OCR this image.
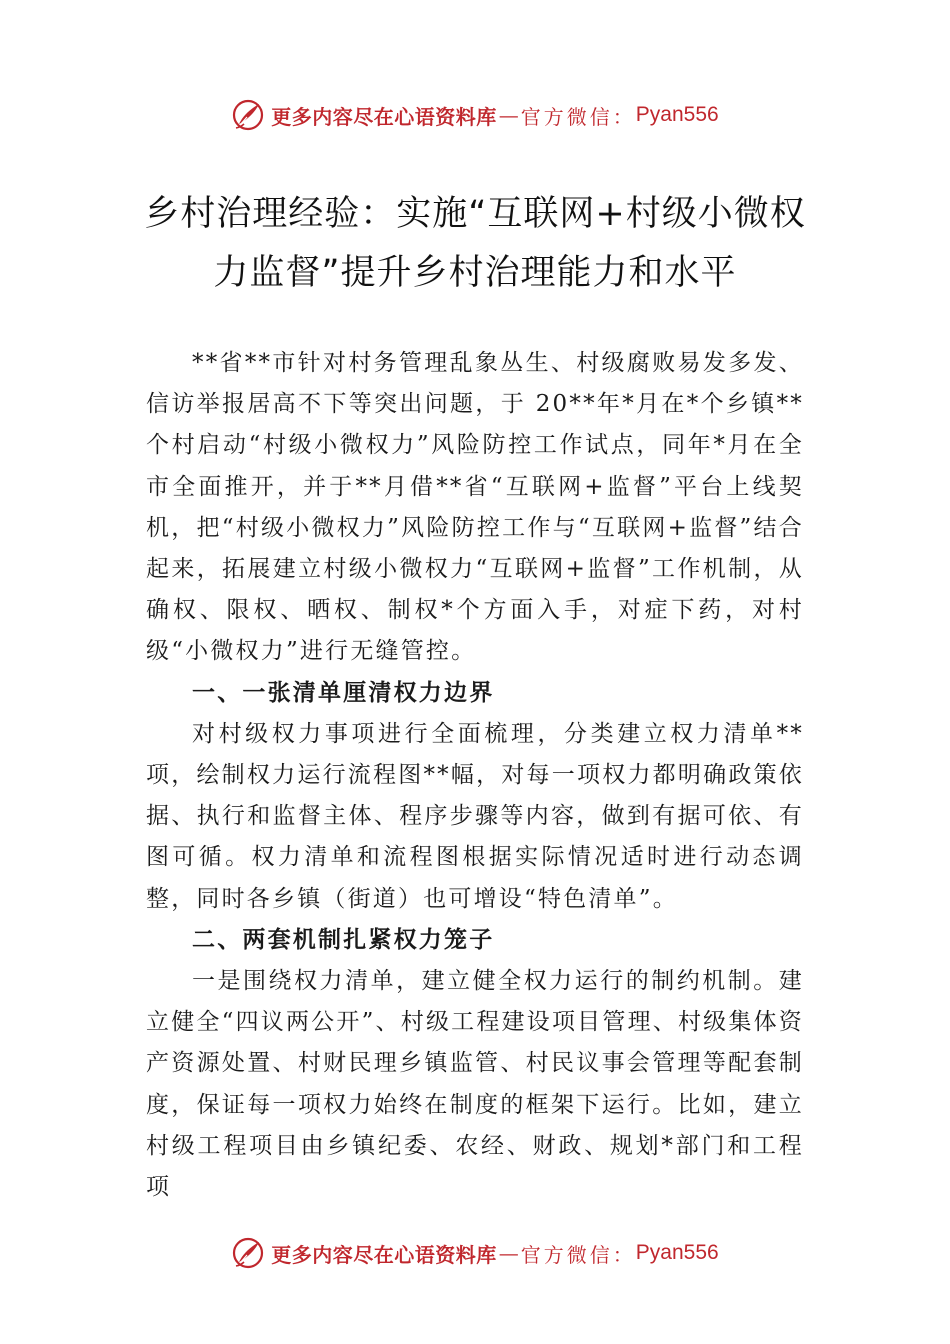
更多内容尽在心语资料库 — 官方微信： Pyan556
乡村治理经验：实施“互联网+村级小微权
力监督”提升乡村治理能力和水平

**省**市针对村务管理乱象丛生、村级腐败易发多发、信访举报居高不下等突出问题，于 20**年*月在*个乡镇**个村启动“村级小微权力”风险防控工作试点，同年*月在全市全面推开，并于**月借**省“互联网+监督”平台上线契机，把“村级小微权力”风险防控工作与“互联网+监督”结合起来，拓展建立村级小微权力“互联网+监督”工作机制，从确权、限权、晒权、制权*个方面入手，对症下药，对村级“小微权力”进行无缝管控。

一、一张清单厘清权力边界

对村级权力事项进行全面梳理，分类建立权力清单**项，绘制权力运行流程图**幅，对每一项权力都明确政策依据、执行和监督主体、程序步骤等内容，做到有据可依、有图可循。权力清单和流程图根据实际情况适时进行动态调整，同时各乡镇（街道）也可增设“特色清单”。

二、两套机制扎紧权力笼子

一是围绕权力清单，建立健全权力运行的制约机制。建立健全“四议两公开”、村级工程建设项目管理、村级集体资产资源处置、村财民理乡镇监管、村民议事会管理等配套制度，保证每一项权力始终在制度的框架下运行。比如，建立村级工程项目由乡镇纪委、农经、财政、规划*部门和工程项

更多内容尽在心语资料库 — 官方微信： Pyan556
